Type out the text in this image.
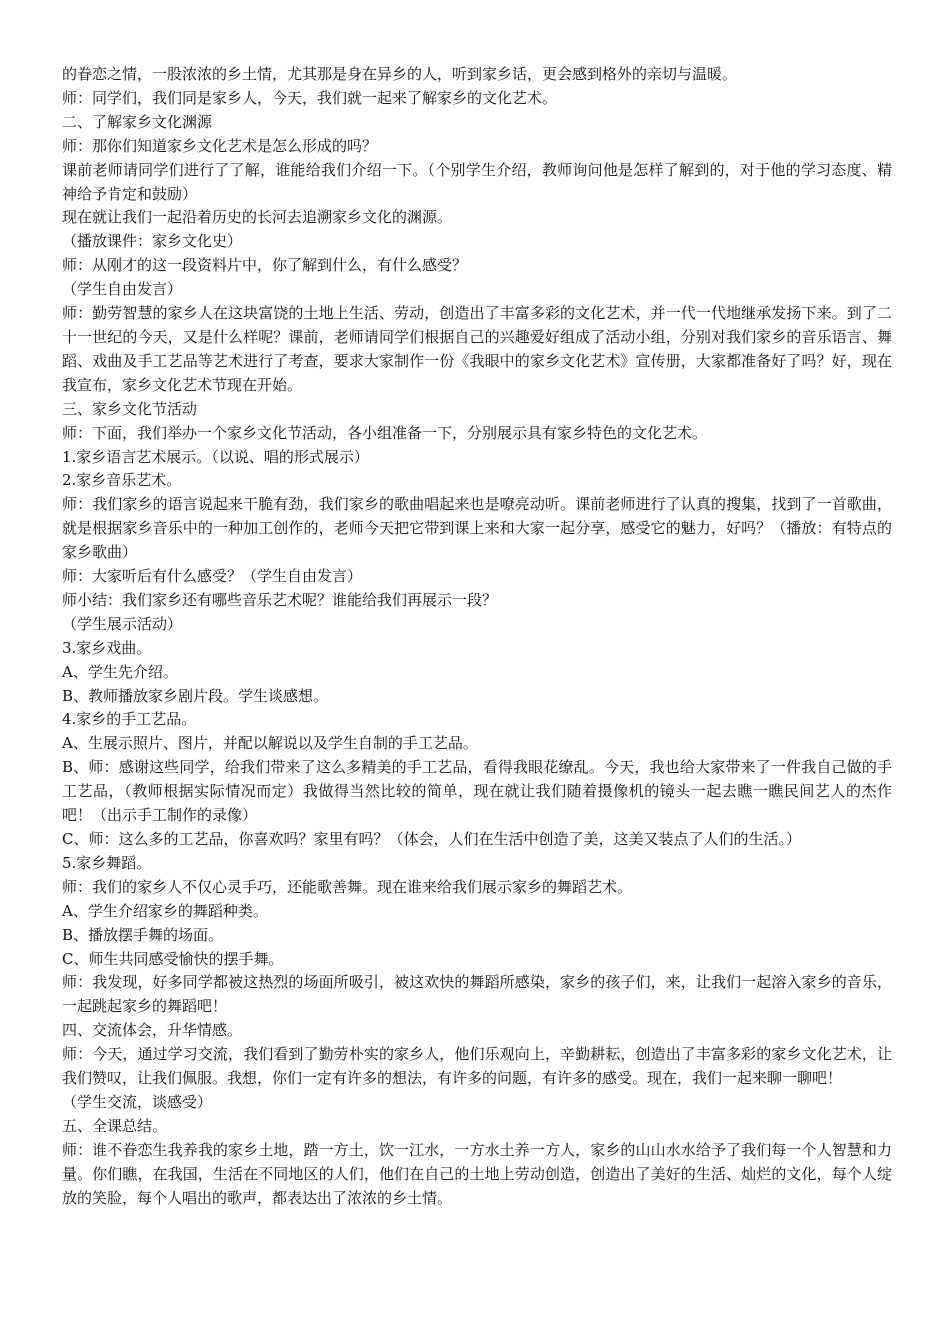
的眷恋之情，一股浓浓的乡土情，尤其那是身在异乡的人，听到家乡话，更会感到格外的亲切与温暖。

师：同学们，我们同是家乡人，今天，我们就一起来了解家乡的文化艺术。

二、了解家乡文化渊源

师：那你们知道家乡文化艺术是怎么形成的吗？

课前老师请同学们进行了了解，谁能给我们介绍一下。（个别学生介绍，教师询问他是怎样了解到的，对于他的学习态度、精神给予肯定和鼓励）

现在就让我们一起沿着历史的长河去追溯家乡文化的渊源。

（播放课件：家乡文化史）

师：从刚才的这一段资料片中，你了解到什么，有什么感受？

（学生自由发言）

师：勤劳智慧的家乡人在这块富饶的土地上生活、劳动，创造出了丰富多彩的文化艺术，并一代一代地继承发扬下来。到了二十一世纪的今天，又是什么样呢？课前，老师请同学们根据自己的兴趣爱好组成了活动小组，分别对我们家乡的音乐语言、舞蹈、戏曲及手工艺品等艺术进行了考查，要求大家制作一份《我眼中的家乡文化艺术》宣传册，大家都准备好了吗？好，现在我宣布，家乡文化艺术节现在开始。

三、家乡文化节活动

师：下面，我们举办一个家乡文化节活动，各小组准备一下，分别展示具有家乡特色的文化艺术。

1.家乡语言艺术展示。（以说、唱的形式展示）

2.家乡音乐艺术。

师：我们家乡的语言说起来干脆有劲，我们家乡的歌曲唱起来也是嘹亮动听。课前老师进行了认真的搜集，找到了一首歌曲，就是根据家乡音乐中的一种加工创作的，老师今天把它带到课上来和大家一起分享，感受它的魅力，好吗？（播放：有特点的家乡歌曲）

师：大家听后有什么感受？（学生自由发言）

师小结：我们家乡还有哪些音乐艺术呢？谁能给我们再展示一段？

（学生展示活动）

3.家乡戏曲。

A、学生先介绍。

B、教师播放家乡剧片段。学生谈感想。

4.家乡的手工艺品。

A、生展示照片、图片，并配以解说以及学生自制的手工艺品。

B、师：感谢这些同学，给我们带来了这么多精美的手工艺品，看得我眼花缭乱。今天，我也给大家带来了一件我自己做的手工艺品，（教师根据实际情况而定）我做得当然比较的简单，现在就让我们随着摄像机的镜头一起去瞧一瞧民间艺人的杰作吧！（出示手工制作的录像）

C、师：这么多的工艺品，你喜欢吗？家里有吗？（体会，人们在生活中创造了美，这美又装点了人们的生活。）

5.家乡舞蹈。

师：我们的家乡人不仅心灵手巧，还能歌善舞。现在谁来给我们展示家乡的舞蹈艺术。

A、学生介绍家乡的舞蹈种类。

B、播放摆手舞的场面。

C、师生共同感受愉快的摆手舞。

师：我发现，好多同学都被这热烈的场面所吸引，被这欢快的舞蹈所感染，家乡的孩子们，来，让我们一起溶入家乡的音乐，一起跳起家乡的舞蹈吧！

四、交流体会，升华情感。

师：今天，通过学习交流，我们看到了勤劳朴实的家乡人，他们乐观向上，辛勤耕耘，创造出了丰富多彩的家乡文化艺术，让我们赞叹，让我们佩服。我想，你们一定有许多的想法，有许多的问题，有许多的感受。现在，我们一起来聊一聊吧！

（学生交流，谈感受）

五、全课总结。

师：谁不眷恋生我养我的家乡土地，踏一方土，饮一江水，一方水土养一方人，家乡的山山水水给予了我们每一个人智慧和力量。你们瞧，在我国，生活在不同地区的人们，他们在自己的土地上劳动创造，创造出了美好的生活、灿烂的文化，每个人绽放的笑脸，每个人唱出的歌声，都表达出了浓浓的乡土情。
